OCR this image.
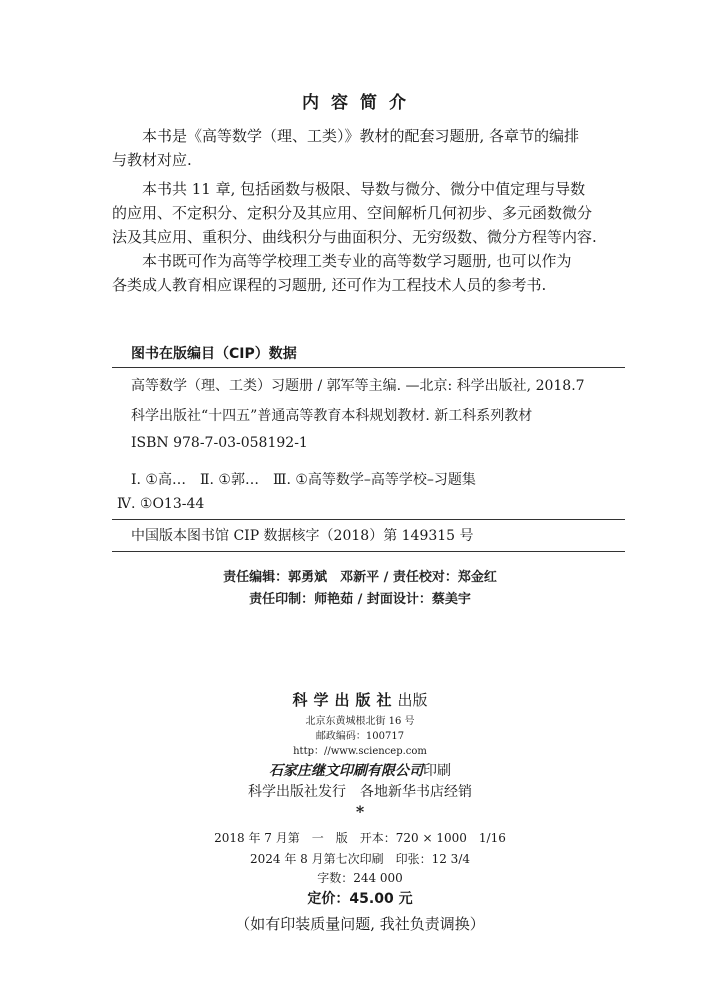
内容简介

本书是《高等数学（理、工类）》教材的配套习题册, 各章节的编排
与教材对应.

本书共 11 章, 包括函数与极限、导数与微分、微分中值定理与导数
的应用、不定积分、定积分及其应用、空间解析几何初步、多元函数微分
法及其应用、重积分、曲线积分与曲面积分、无穷级数、微分方程等内容.

本书既可作为高等学校理工类专业的高等数学习题册, 也可以作为
各类成人教育相应课程的习题册, 还可作为工程技术人员的参考书.

图书在版编目（CIP）数据
高等数学（理、工类）习题册 / 郭军等主编. —北京: 科学出版社, 2018.7
科学出版社“十四五”普通高等教育本科规划教材. 新工科系列教材
ISBN 978-7-03-058192-1
Ⅰ. ①高…　Ⅱ. ①郭…　Ⅲ. ①高等数学–高等学校–习题集
Ⅳ. ①O13-44
中国版本图书馆 CIP 数据核字（2018）第 149315 号
责任编辑：郭勇斌　邓新平 / 责任校对：郑金红
责任印制：师艳茹 / 封面设计：蔡美宇
科学出版社出版
北京东黄城根北街 16 号
邮政编码：100717
http：//www.sciencep.com
石家庄继文印刷有限公司印刷
科学出版社发行　各地新华书店经销
*
2018 年 7 月第　一　版　开本：720 × 1000　1/16
2024 年 8 月第七次印刷　印张：12 3/4
字数：244 000
定价：45.00 元
（如有印装质量问题, 我社负责调换）
